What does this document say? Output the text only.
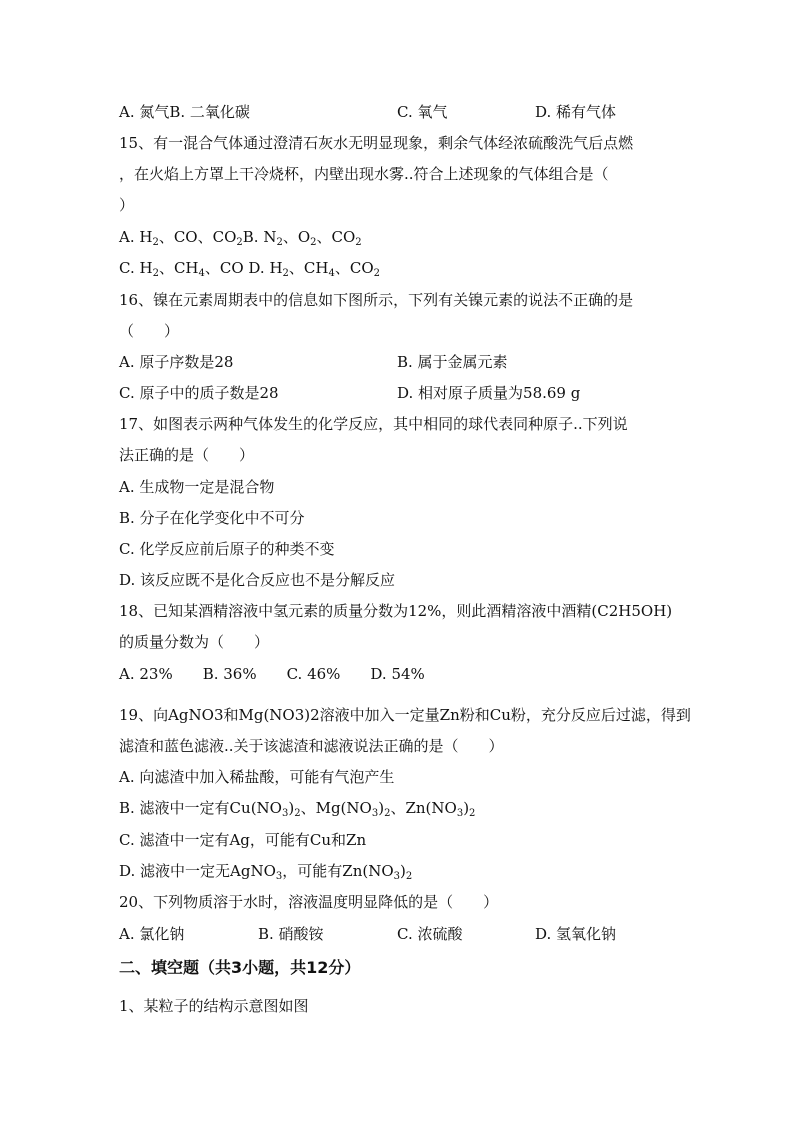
A. 氮气B. 二氧化碳	C. 氧气	D. 稀有气体
15、有一混合气体通过澄清石灰水无明显现象，剩余气体经浓硫酸洗气后点燃
，在火焰上方罩上干冷烧杯，内壁出现水雾..符合上述现象的气体组合是（
）
A. $H_2$、CO、$CO_2B$. $N_2$、$O_2$、$CO_2$
C. $H_2$、$CH_4$、CO D. $H_2$、$CH_4$、$CO_2$
16、镍在元素周期表中的信息如下图所示，下列有关镍元素的说法不正确的是
（　　）
A. 原子序数是28	B. 属于金属元素
C. 原子中的质子数是28	D. 相对原子质量为58.69 g
17、如图表示两种气体发生的化学反应，其中相同的球代表同种原子..下列说
法正确的是（　　）
A. 生成物一定是混合物
B. 分子在化学变化中不可分
C. 化学反应前后原子的种类不变
D. 该反应既不是化合反应也不是分解反应
18、已知某酒精溶液中氢元素的质量分数为12%，则此酒精溶液中酒精(C2H5OH)
的质量分数为（　　）
A. 23%　　B. 36%　　C. 46%　　D. 54%
19、向AgNO3和Mg(NO3)2溶液中加入一定量Zn粉和Cu粉，充分反应后过滤，得到
滤渣和蓝色滤液..关于该滤渣和滤液说法正确的是（　　）
A. 向滤渣中加入稀盐酸，可能有气泡产生
B. 滤液中一定有$Cu(NO_3)_2$、$Mg(NO_3)_2$、$Zn(NO_3)_2$
C. 滤渣中一定有Ag，可能有Cu和Zn
D. 滤液中一定无AgNO$_3$，可能有$Zn(NO_3)_2$
20、下列物质溶于水时，溶液温度明显降低的是（　　）
A. 氯化钠	B. 硝酸铵	C. 浓硫酸	D. 氢氧化钠
二、填空题（共3小题，共12分）
1、某粒子的结构示意图如图
